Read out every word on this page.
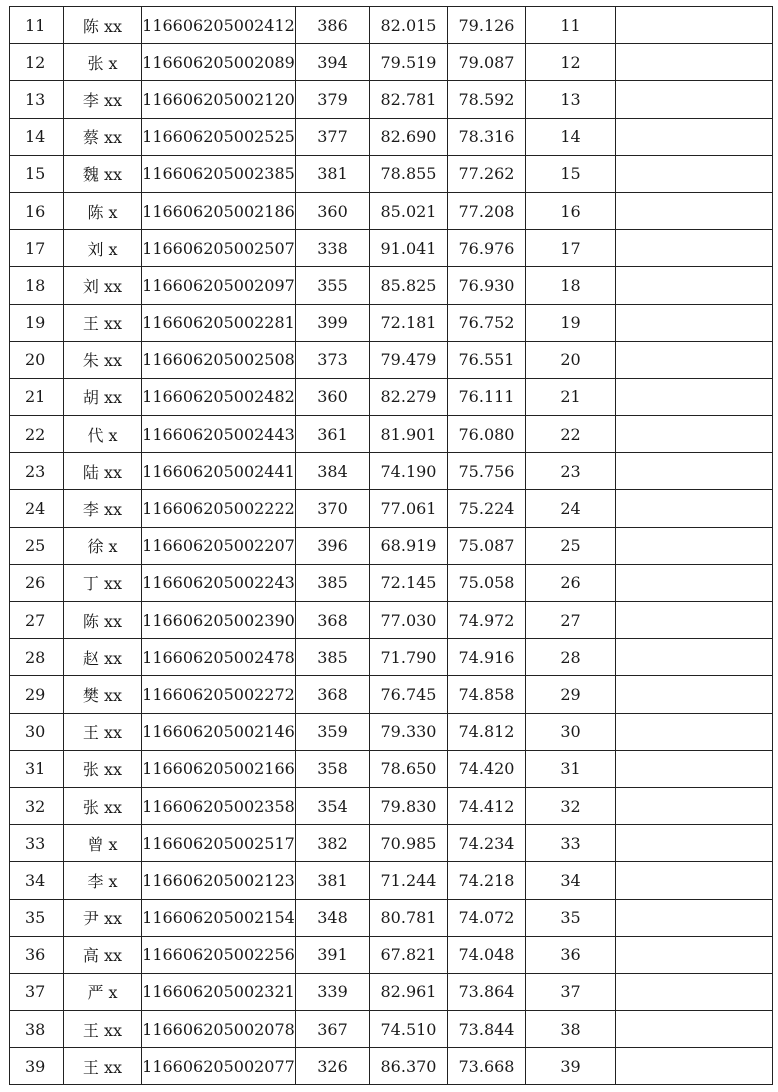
11	陈 xx	116606205002412	386	82.015	79.126	11	
12	张 x	116606205002089	394	79.519	79.087	12	
13	李 xx	116606205002120	379	82.781	78.592	13	
14	蔡 xx	116606205002525	377	82.690	78.316	14	
15	魏 xx	116606205002385	381	78.855	77.262	15	
16	陈 x	116606205002186	360	85.021	77.208	16	
17	刘 x	116606205002507	338	91.041	76.976	17	
18	刘 xx	116606205002097	355	85.825	76.930	18	
19	王 xx	116606205002281	399	72.181	76.752	19	
20	朱 xx	116606205002508	373	79.479	76.551	20	
21	胡 xx	116606205002482	360	82.279	76.111	21	
22	代 x	116606205002443	361	81.901	76.080	22	
23	陆 xx	116606205002441	384	74.190	75.756	23	
24	李 xx	116606205002222	370	77.061	75.224	24	
25	徐 x	116606205002207	396	68.919	75.087	25	
26	丁 xx	116606205002243	385	72.145	75.058	26	
27	陈 xx	116606205002390	368	77.030	74.972	27	
28	赵 xx	116606205002478	385	71.790	74.916	28	
29	樊 xx	116606205002272	368	76.745	74.858	29	
30	王 xx	116606205002146	359	79.330	74.812	30	
31	张 xx	116606205002166	358	78.650	74.420	31	
32	张 xx	116606205002358	354	79.830	74.412	32	
33	曾 x	116606205002517	382	70.985	74.234	33	
34	李 x	116606205002123	381	71.244	74.218	34	
35	尹 xx	116606205002154	348	80.781	74.072	35	
36	高 xx	116606205002256	391	67.821	74.048	36	
37	严 x	116606205002321	339	82.961	73.864	37	
38	王 xx	116606205002078	367	74.510	73.844	38	
39	王 xx	116606205002077	326	86.370	73.668	39	
